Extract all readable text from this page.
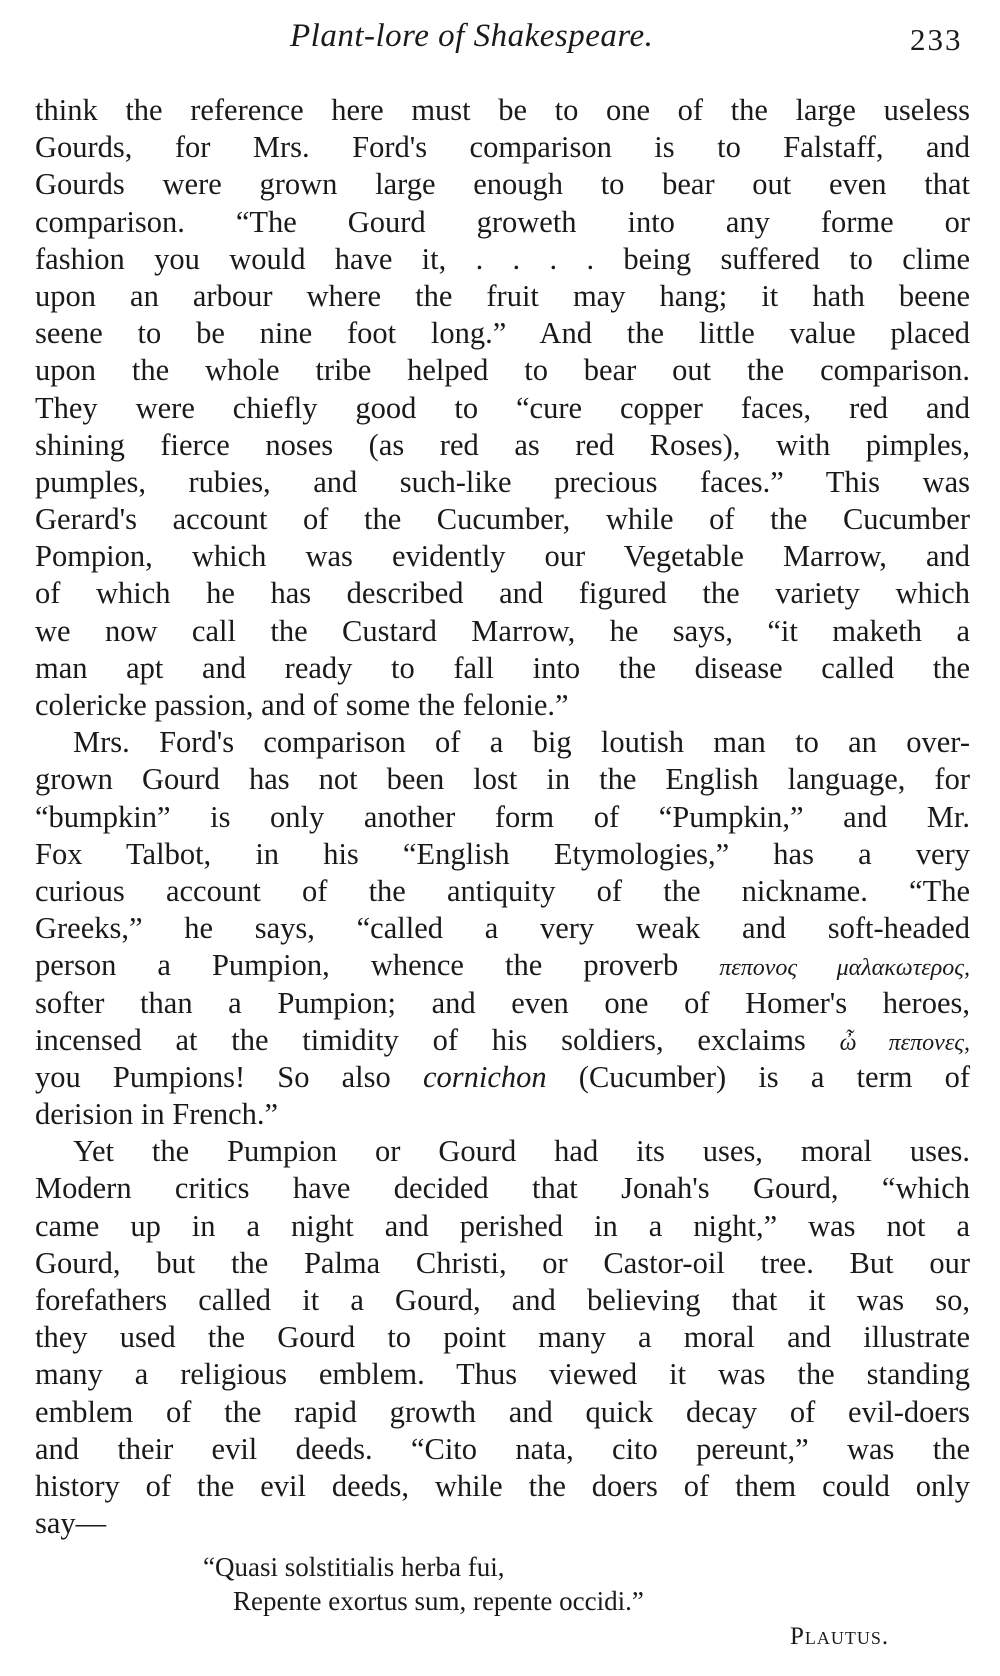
Plant-lore of Shakespeare.	233
think the reference here must be to one of the large useless
Gourds, for Mrs. Ford's comparison is to Falstaff, and
Gourds were grown large enough to bear out even that
comparison. “The Gourd groweth into any forme or
fashion you would have it, . . . . being suffered to clime
upon an arbour where the fruit may hang; it hath beene
seene to be nine foot long.” And the little value placed
upon the whole tribe helped to bear out the comparison.
They were chiefly good to “cure copper faces, red and
shining fierce noses (as red as red Roses), with pimples,
pumples, rubies, and such-like precious faces.” This was
Gerard's account of the Cucumber, while of the Cucumber
Pompion, which was evidently our Vegetable Marrow, and
of which he has described and figured the variety which
we now call the Custard Marrow, he says, “it maketh a
man apt and ready to fall into the disease called the
colericke passion, and of some the felonie.”
Mrs. Ford's comparison of a big loutish man to an over-
grown Gourd has not been lost in the English language, for
“bumpkin” is only another form of “Pumpkin,” and Mr.
Fox Talbot, in his “English Etymologies,” has a very
curious account of the antiquity of the nickname. “The
Greeks,” he says, “called a very weak and soft-headed
person a Pumpion, whence the proverb πεπονος μαλακωτερος,
softer than a Pumpion; and even one of Homer's heroes,
incensed at the timidity of his soldiers, exclaims ὦ πεπονες,
you Pumpions! So also cornichon (Cucumber) is a term of
derision in French.”
Yet the Pumpion or Gourd had its uses, moral uses.
Modern critics have decided that Jonah's Gourd, “which
came up in a night and perished in a night,” was not a
Gourd, but the Palma Christi, or Castor-oil tree. But our
forefathers called it a Gourd, and believing that it was so,
they used the Gourd to point many a moral and illustrate
many a religious emblem. Thus viewed it was the standing
emblem of the rapid growth and quick decay of evil-doers
and their evil deeds. “Cito nata, cito pereunt,” was the
history of the evil deeds, while the doers of them could only
say—
“Quasi solstitialis herba fui,
Repente exortus sum, repente occidi.”
Plautus.
